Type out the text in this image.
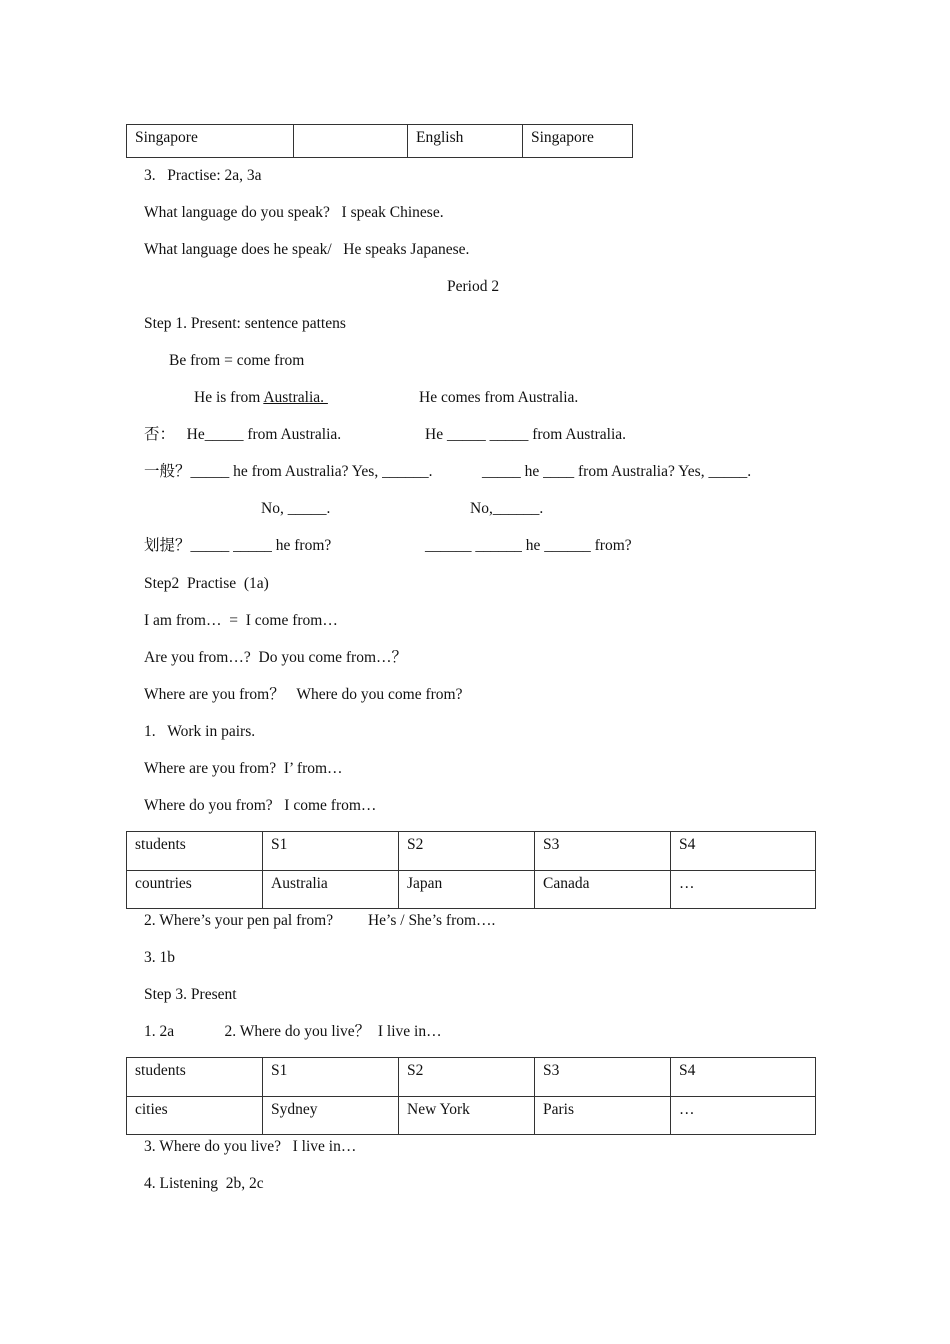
Singapore		English	Singapore
3.   Practise: 2a, 3a
What language do you speak?   I speak Chinese.
What language does he speak/   He speaks Japanese.
Period 2
Step 1. Present: sentence pattens
Be from = come from
He is from Australia.	He comes from Australia.
否：   He_____ from Australia.	He _____ _____ from Australia.
一般？_____ he from Australia? Yes, ______.	_____ he ____ from Australia? Yes, _____.
No, _____.	No,______.
划提？_____ _____ he from?	______ ______ he ______ from?
Step2  Practise  (1a)
I am from…  =  I come from…
Are you from…?  Do you come from…？
Where are you from？   Where do you come from?
1.   Work in pairs.
Where are you from?  I’ from…
Where do you from?   I come from…
students	S1	S2	S3	S4
countries	Australia	Japan	Canada	…
2. Where’s your pen pal from?         He’s / She’s from….
3. 1b
Step 3. Present
1. 2a             2. Where do you live？  I live in…
students	S1	S2	S3	S4
cities	Sydney	New York	Paris	…
3. Where do you live?   I live in…
4. Listening  2b, 2c
